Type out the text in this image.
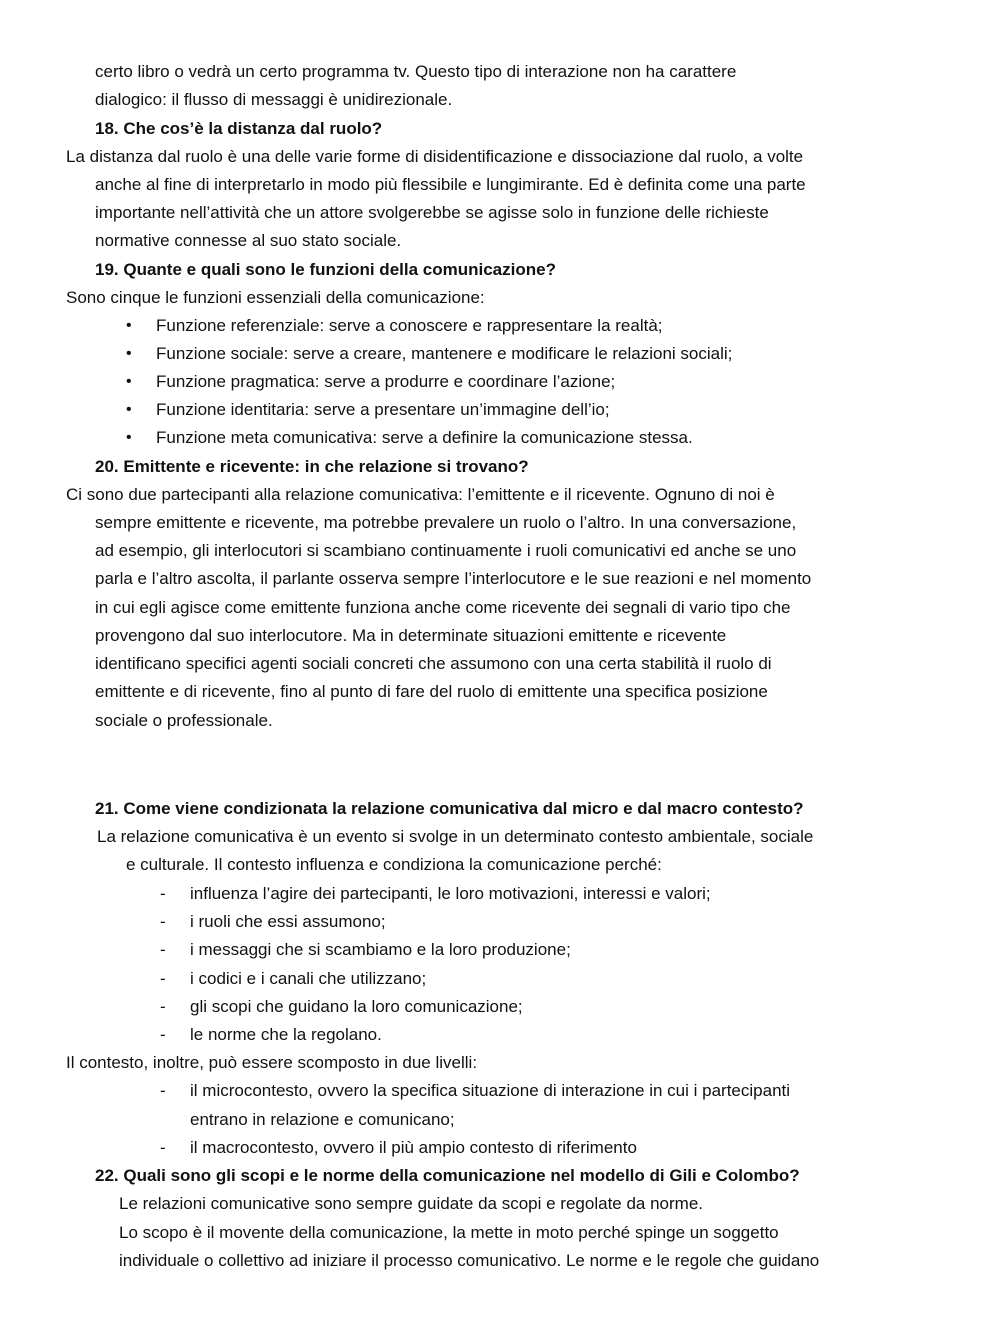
certo libro o vedrà un certo programma tv. Questo tipo di interazione non ha carattere
dialogico: il flusso di messaggi è unidirezionale.
18. Che cos’è la distanza dal ruolo?
La distanza dal ruolo è una delle varie forme di disidentificazione e dissociazione dal ruolo, a volte
anche al fine di interpretarlo in modo più flessibile e lungimirante. Ed è definita come una parte
importante nell’attività che un attore svolgerebbe se agisse solo in funzione delle richieste
normative connesse al suo stato sociale.
19. Quante e quali sono le funzioni della comunicazione?
Sono cinque le funzioni essenziali della comunicazione:
• Funzione referenziale: serve a conoscere e rappresentare la realtà;
• Funzione sociale: serve a creare, mantenere e modificare le relazioni sociali;
• Funzione pragmatica: serve a produrre e coordinare l’azione;
• Funzione identitaria: serve a presentare un’immagine dell’io;
• Funzione meta comunicativa: serve a definire la comunicazione stessa.
20. Emittente e ricevente: in che relazione si trovano?
Ci sono due partecipanti alla relazione comunicativa: l’emittente e il ricevente. Ognuno di noi è
sempre emittente e ricevente, ma potrebbe prevalere un ruolo o l’altro. In una conversazione,
ad esempio, gli interlocutori si scambiano continuamente i ruoli comunicativi ed anche se uno
parla e l’altro ascolta, il parlante osserva sempre l’interlocutore e le sue reazioni e nel momento
in cui egli agisce come emittente funziona anche come ricevente dei segnali di vario tipo che
provengono dal suo interlocutore. Ma in determinate situazioni emittente e ricevente
identificano specifici agenti sociali concreti che assumono con una certa stabilità il ruolo di
emittente e di ricevente, fino al punto di fare del ruolo di emittente una specifica posizione
sociale o professionale.
21. Come viene condizionata la relazione comunicativa dal micro e dal macro contesto?
La relazione comunicativa è un evento si svolge in un determinato contesto ambientale, sociale
e culturale. Il contesto influenza e condiziona la comunicazione perché:
- influenza l’agire dei partecipanti, le loro motivazioni, interessi e valori;
- i ruoli che essi assumono;
- i messaggi che si scambiamo e la loro produzione;
- i codici e i canali che utilizzano;
- gli scopi che guidano la loro comunicazione;
- le norme che la regolano.
Il contesto, inoltre, può essere scomposto in due livelli:
- il microcontesto, ovvero la specifica situazione di interazione in cui i partecipanti
entrano in relazione e comunicano;
- il macrocontesto, ovvero il più ampio contesto di riferimento
22. Quali sono gli scopi e le norme della comunicazione nel modello di Gili e Colombo?
Le relazioni comunicative sono sempre guidate da scopi e regolate da norme.
Lo scopo è il movente della comunicazione, la mette in moto perché spinge un soggetto
individuale o collettivo ad iniziare il processo comunicativo. Le norme e le regole che guidano
